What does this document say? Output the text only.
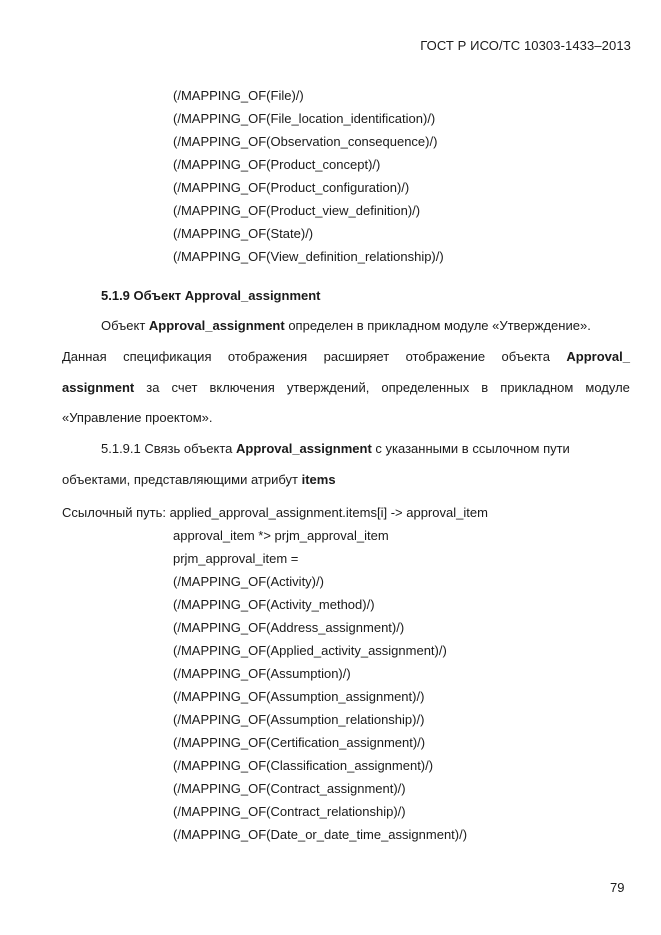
ГОСТ Р ИСО/ТС 10303-1433–2013
(/MAPPING_OF(File)/)
(/MAPPING_OF(File_location_identification)/)
(/MAPPING_OF(Observation_consequence)/)
(/MAPPING_OF(Product_concept)/)
(/MAPPING_OF(Product_configuration)/)
(/MAPPING_OF(Product_view_definition)/)
(/MAPPING_OF(State)/)
(/MAPPING_OF(View_definition_relationship)/)
5.1.9 Объект Approval_assignment
Объект Approval_assignment определен в прикладном модуле «Утверждение».
Данная спецификация отображения расширяет отображение объекта Approval_
assignment за счет включения утверждений, определенных в прикладном модуле
«Управление проектом».
5.1.9.1 Связь объекта Approval_assignment с указанными в ссылочном пути
объектами, представляющими атрибут items
Ссылочный путь: applied_approval_assignment.items[i] -> approval_item
approval_item *> prjm_approval_item
prjm_approval_item =
(/MAPPING_OF(Activity)/)
(/MAPPING_OF(Activity_method)/)
(/MAPPING_OF(Address_assignment)/)
(/MAPPING_OF(Applied_activity_assignment)/)
(/MAPPING_OF(Assumption)/)
(/MAPPING_OF(Assumption_assignment)/)
(/MAPPING_OF(Assumption_relationship)/)
(/MAPPING_OF(Certification_assignment)/)
(/MAPPING_OF(Classification_assignment)/)
(/MAPPING_OF(Contract_assignment)/)
(/MAPPING_OF(Contract_relationship)/)
(/MAPPING_OF(Date_or_date_time_assignment)/)
79
